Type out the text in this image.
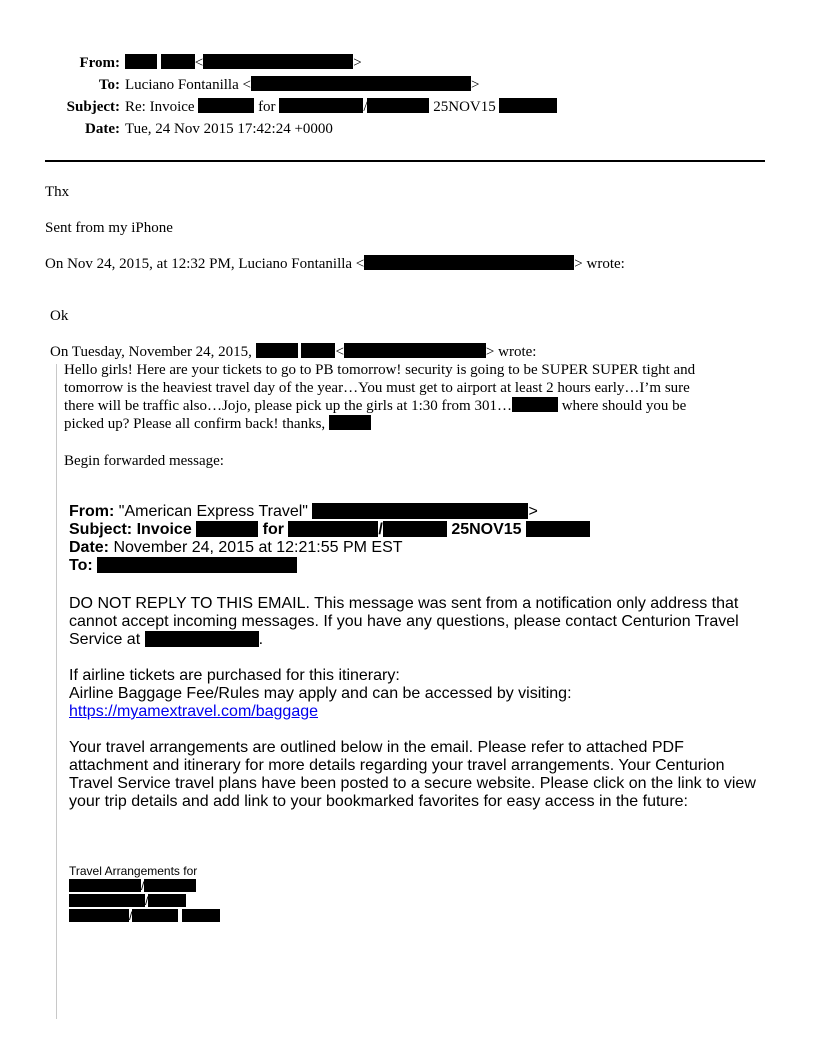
From:	<	>
To: Luciano Fontanilla <	>
Subject: Re: Invoice	for	/	25NOV15
Date: Tue, 24 Nov 2015 17:42:24 +0000
Thx
Sent from my iPhone
On Nov 24, 2015, at 12:32 PM, Luciano Fontanilla <	> wrote:
Ok
On Tuesday, November 24, 2015,	<	> wrote:
Hello girls! Here are your tickets to go to PB tomorrow! security is going to be SUPER SUPER tight and
tomorrow is the heaviest travel day of the year…You must get to airport at least 2 hours early…I’m sure
there will be traffic also…Jojo, please pick up the girls at 1:30 from 301…	where should you be
picked up? Please all confirm back! thanks,
Begin forwarded message:
From: "American Express Travel"	>
Subject: Invoice	for	/	25NOV15
Date: November 24, 2015 at 12:21:55 PM EST
To:
DO NOT REPLY TO THIS EMAIL. This message was sent from a notification only address that
cannot accept incoming messages. If you have any questions, please contact Centurion Travel
Service at	.
If airline tickets are purchased for this itinerary:
Airline Baggage Fee/Rules may apply and can be accessed by visiting:
https://myamextravel.com/baggage
Your travel arrangements are outlined below in the email. Please refer to attached PDF
attachment and itinerary for more details regarding your travel arrangements. Your Centurion
Travel Service travel plans have been posted to a secure website. Please click on the link to view
your trip details and add link to your bookmarked favorites for easy access in the future:
Travel Arrangements for
/
/
/
